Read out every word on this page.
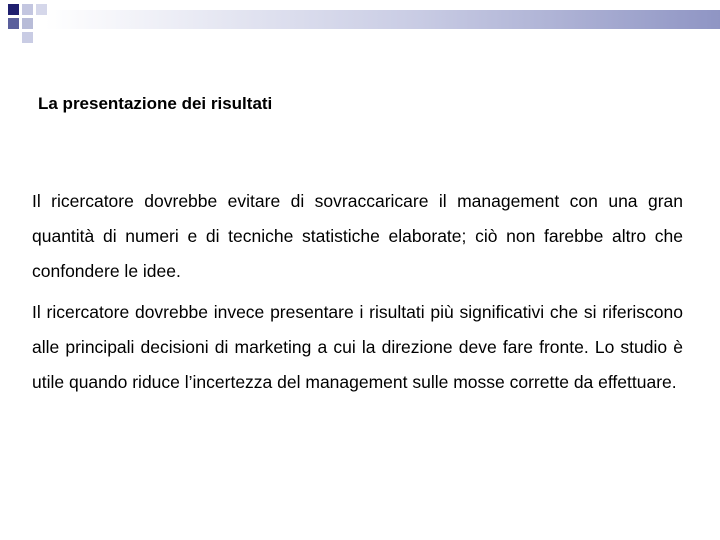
La presentazione dei risultati

Il ricercatore dovrebbe evitare di sovraccaricare il management con una gran quantità di numeri e di tecniche statistiche elaborate; ciò non farebbe altro che confondere le idee.

Il ricercatore dovrebbe invece presentare i risultati più significativi che si riferiscono alle principali decisioni di marketing a cui la direzione deve fare fronte. Lo studio è utile quando riduce l’incertezza del management sulle mosse corrette da effettuare.
